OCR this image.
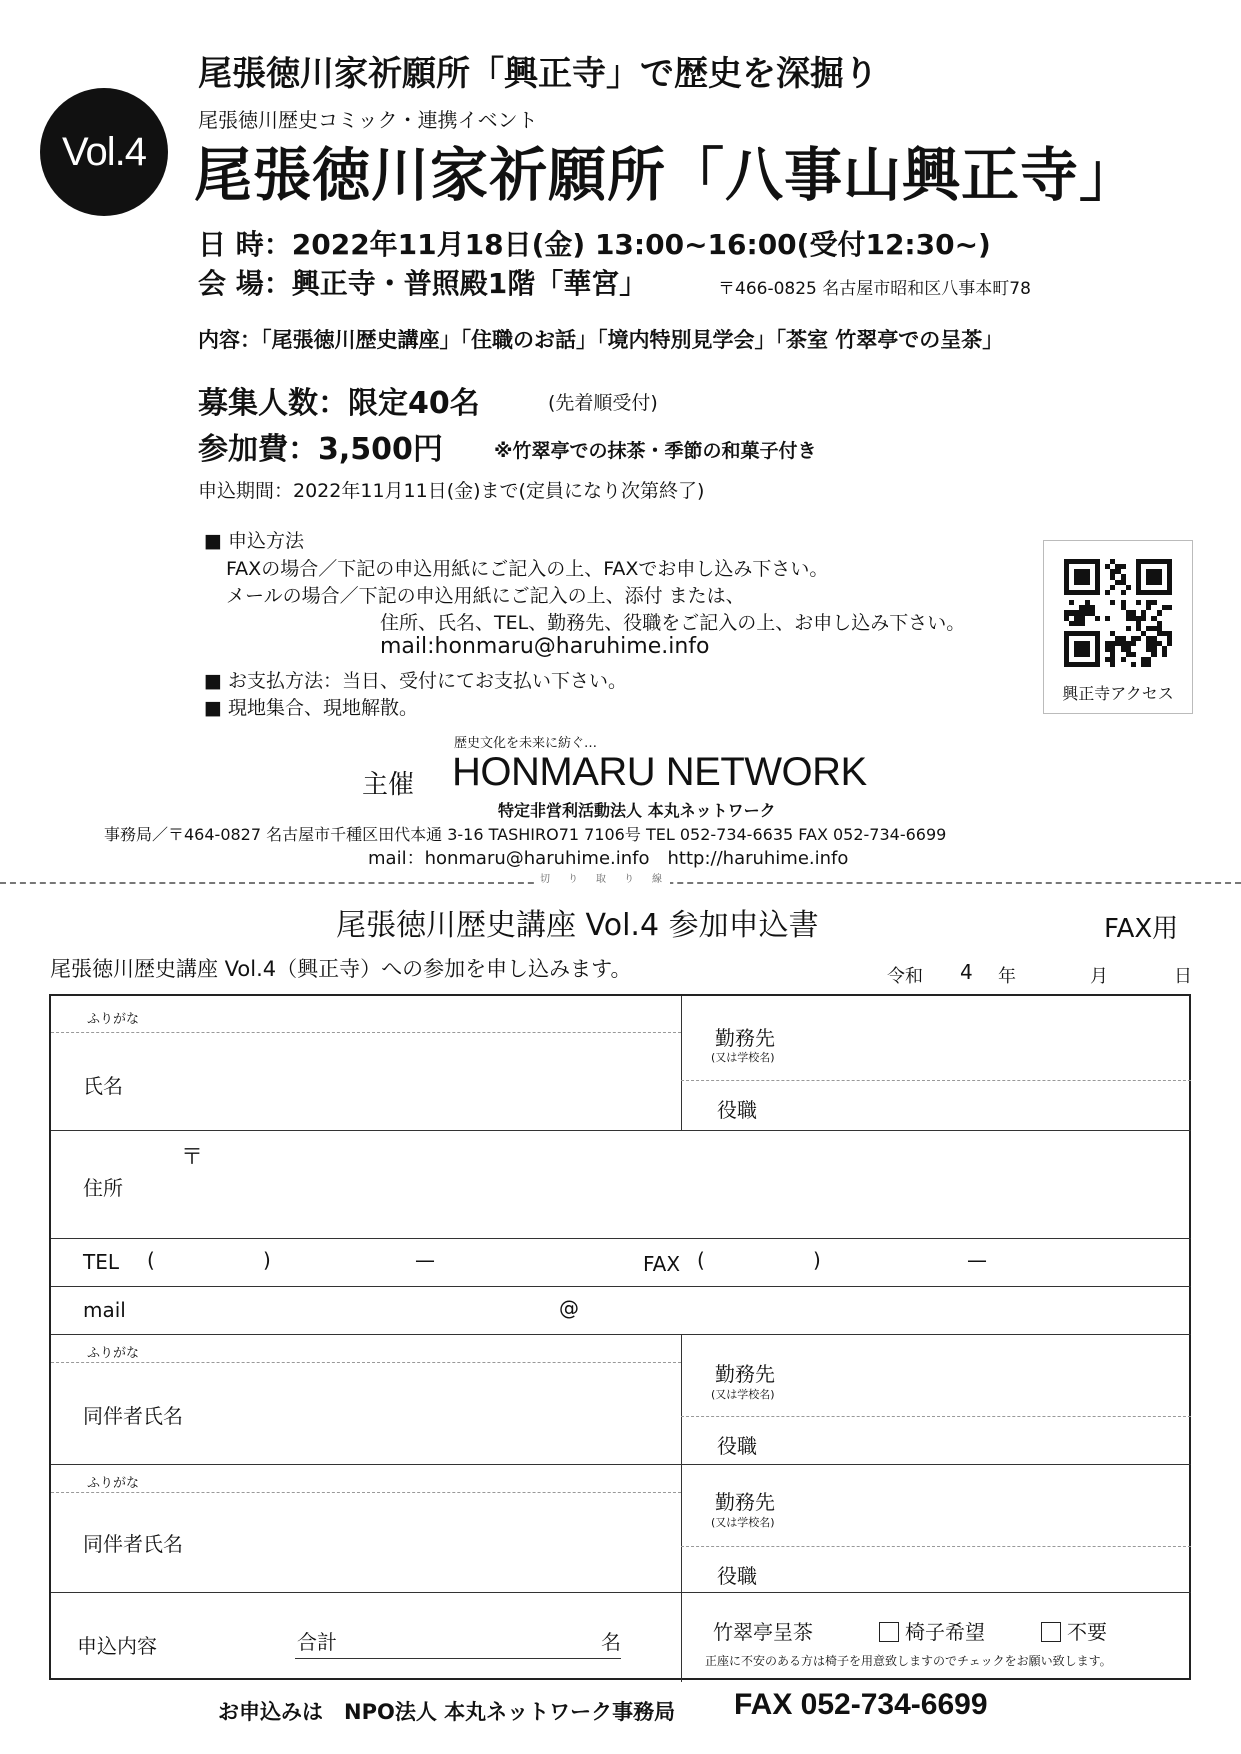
Vol.4
尾張徳川家祈願所「興正寺」で歴史を深掘り
尾張徳川歴史コミック・連携イベント
尾張徳川家祈願所「八事山興正寺」
日 時：2022年11月18日(金) 13:00~16:00(受付12:30~)
会 場：興正寺・普照殿1階「華宮」	〒466-0825 名古屋市昭和区八事本町78
内容：「尾張徳川歴史講座」「住職のお話」「境内特別見学会」「茶室 竹翠亭での呈茶」
募集人数：限定40名	(先着順受付)
参加費：3,500円	※竹翠亭での抹茶・季節の和菓子付き
申込期間：2022年11月11日(金)まで(定員になり次第終了)
■ 申込方法
FAXの場合／下記の申込用紙にご記入の上、FAXでお申し込み下さい。
メールの場合／下記の申込用紙にご記入の上、添付 または、
住所、氏名、TEL、勤務先、役職をご記入の上、お申し込み下さい。
mail:honmaru@haruhime.info
■ お支払方法：当日、受付にてお支払い下さい。
■ 現地集合、現地解散。
興正寺アクセス
歴史文化を未来に紡ぐ…
主催 HONMARU NETWORK
特定非営利活動法人 本丸ネットワーク
事務局／〒464-0827 名古屋市千種区田代本通 3-16 TASHIRO71 7106号 TEL 052-734-6635 FAX 052-734-6699
mail：honmaru@haruhime.info　http://haruhime.info
切　り　取　り　線
尾張徳川歴史講座 Vol.4 参加申込書	FAX用
尾張徳川歴史講座 Vol.4（興正寺）への参加を申し込みます。	令和 4 年	月	日
ふりがな
氏名
勤務先
(又は学校名)
役職
〒
住所
TEL (	)	—	FAX (	)	—
mail	@
ふりがな
同伴者氏名
勤務先
(又は学校名)
役職
ふりがな
同伴者氏名
勤務先
(又は学校名)
役職
申込内容	合計	名	竹翠亭呈茶	椅子希望	不要
正座に不安のある方は椅子を用意致しますのでチェックをお願い致します。
お申込みは　NPO法人 本丸ネットワーク事務局 FAX 052-734-6699
